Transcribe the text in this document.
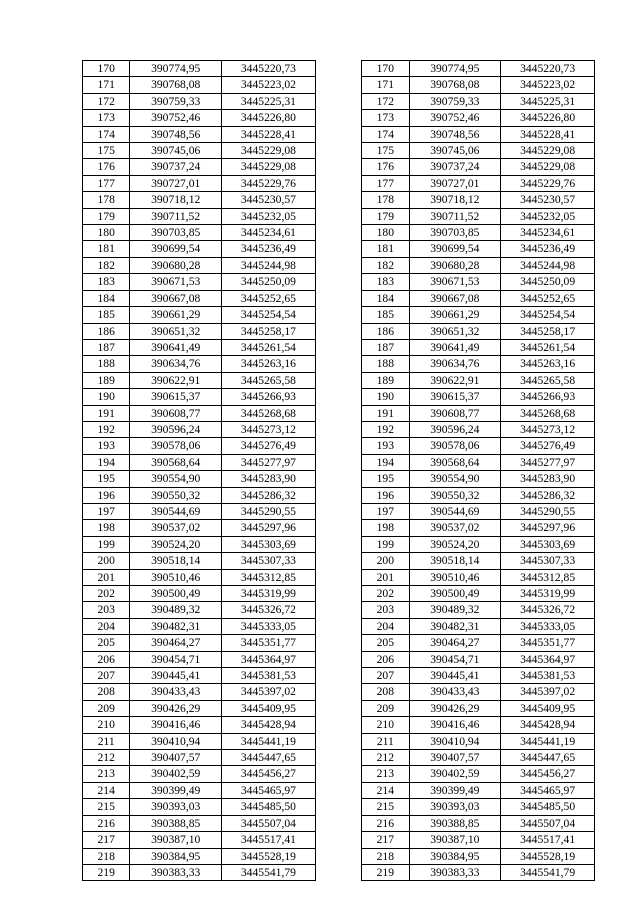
170	390774,95	3445220,73		170	390774,95	3445220,73
171	390768,08	3445223,02		171	390768,08	3445223,02
172	390759,33	3445225,31		172	390759,33	3445225,31
173	390752,46	3445226,80		173	390752,46	3445226,80
174	390748,56	3445228,41		174	390748,56	3445228,41
175	390745,06	3445229,08		175	390745,06	3445229,08
176	390737,24	3445229,08		176	390737,24	3445229,08
177	390727,01	3445229,76		177	390727,01	3445229,76
178	390718,12	3445230,57		178	390718,12	3445230,57
179	390711,52	3445232,05		179	390711,52	3445232,05
180	390703,85	3445234,61		180	390703,85	3445234,61
181	390699,54	3445236,49		181	390699,54	3445236,49
182	390680,28	3445244,98		182	390680,28	3445244,98
183	390671,53	3445250,09		183	390671,53	3445250,09
184	390667,08	3445252,65		184	390667,08	3445252,65
185	390661,29	3445254,54		185	390661,29	3445254,54
186	390651,32	3445258,17		186	390651,32	3445258,17
187	390641,49	3445261,54		187	390641,49	3445261,54
188	390634,76	3445263,16		188	390634,76	3445263,16
189	390622,91	3445265,58		189	390622,91	3445265,58
190	390615,37	3445266,93		190	390615,37	3445266,93
191	390608,77	3445268,68		191	390608,77	3445268,68
192	390596,24	3445273,12		192	390596,24	3445273,12
193	390578,06	3445276,49		193	390578,06	3445276,49
194	390568,64	3445277,97		194	390568,64	3445277,97
195	390554,90	3445283,90		195	390554,90	3445283,90
196	390550,32	3445286,32		196	390550,32	3445286,32
197	390544,69	3445290,55		197	390544,69	3445290,55
198	390537,02	3445297,96		198	390537,02	3445297,96
199	390524,20	3445303,69		199	390524,20	3445303,69
200	390518,14	3445307,33		200	390518,14	3445307,33
201	390510,46	3445312,85		201	390510,46	3445312,85
202	390500,49	3445319,99		202	390500,49	3445319,99
203	390489,32	3445326,72		203	390489,32	3445326,72
204	390482,31	3445333,05		204	390482,31	3445333,05
205	390464,27	3445351,77		205	390464,27	3445351,77
206	390454,71	3445364,97		206	390454,71	3445364,97
207	390445,41	3445381,53		207	390445,41	3445381,53
208	390433,43	3445397,02		208	390433,43	3445397,02
209	390426,29	3445409,95		209	390426,29	3445409,95
210	390416,46	3445428,94		210	390416,46	3445428,94
211	390410,94	3445441,19		211	390410,94	3445441,19
212	390407,57	3445447,65		212	390407,57	3445447,65
213	390402,59	3445456,27		213	390402,59	3445456,27
214	390399,49	3445465,97		214	390399,49	3445465,97
215	390393,03	3445485,50		215	390393,03	3445485,50
216	390388,85	3445507,04		216	390388,85	3445507,04
217	390387,10	3445517,41		217	390387,10	3445517,41
218	390384,95	3445528,19		218	390384,95	3445528,19
219	390383,33	3445541,79		219	390383,33	3445541,79
